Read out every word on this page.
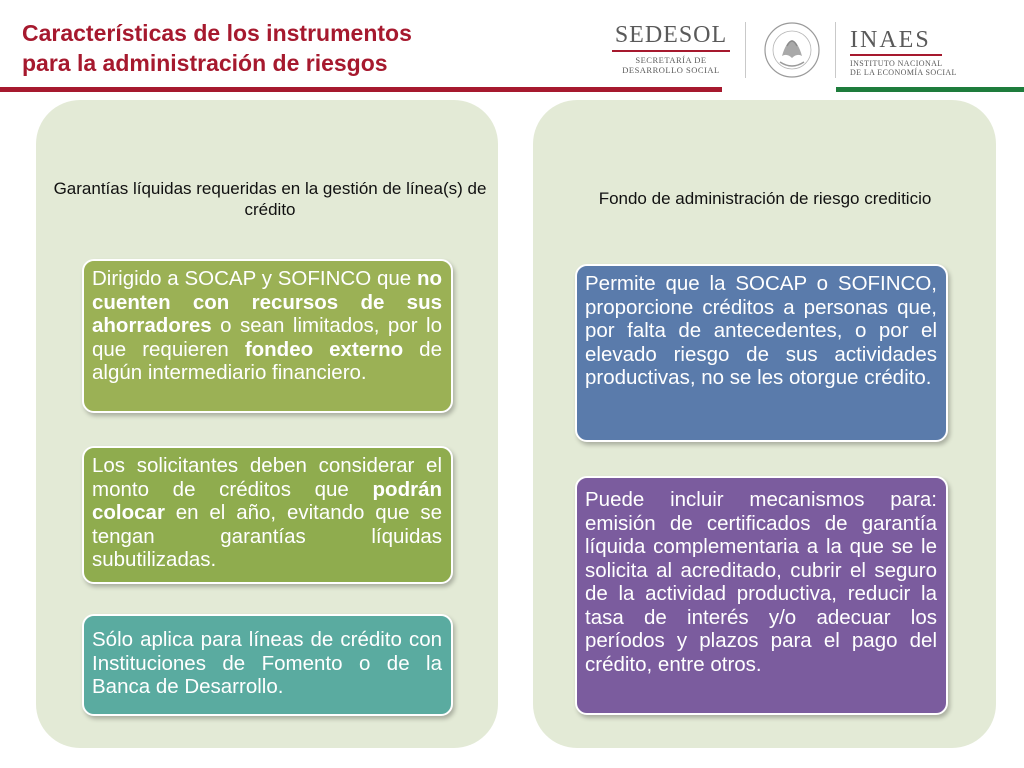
Características de los instrumentos
para la administración de riesgos
SEDESOL
SECRETARÍA DE
DESARROLLO SOCIAL
INAES
INSTITUTO NACIONAL
DE LA ECONOMÍA SOCIAL
Garantías líquidas requeridas en la gestión de línea(s) de crédito
Dirigido a SOCAP y SOFINCO que no cuenten con recursos de sus ahorradores o sean limitados, por lo que requieren fondeo externo de algún intermediario financiero.
Los solicitantes deben considerar el monto de créditos que podrán colocar en el año, evitando que se tengan garantías líquidas subutilizadas.
Sólo aplica para líneas de crédito con Instituciones de Fomento o de la Banca de Desarrollo.
Fondo de administración de riesgo crediticio
Permite que la SOCAP o SOFINCO, proporcione créditos a personas que, por falta de antecedentes, o por el elevado riesgo de sus actividades productivas, no se les otorgue crédito.
Puede incluir mecanismos para: emisión de certificados de garantía líquida complementaria a la que se le solicita al acreditado, cubrir el seguro de la actividad productiva, reducir la tasa de interés y/o adecuar los períodos y plazos para el pago del crédito, entre otros.
